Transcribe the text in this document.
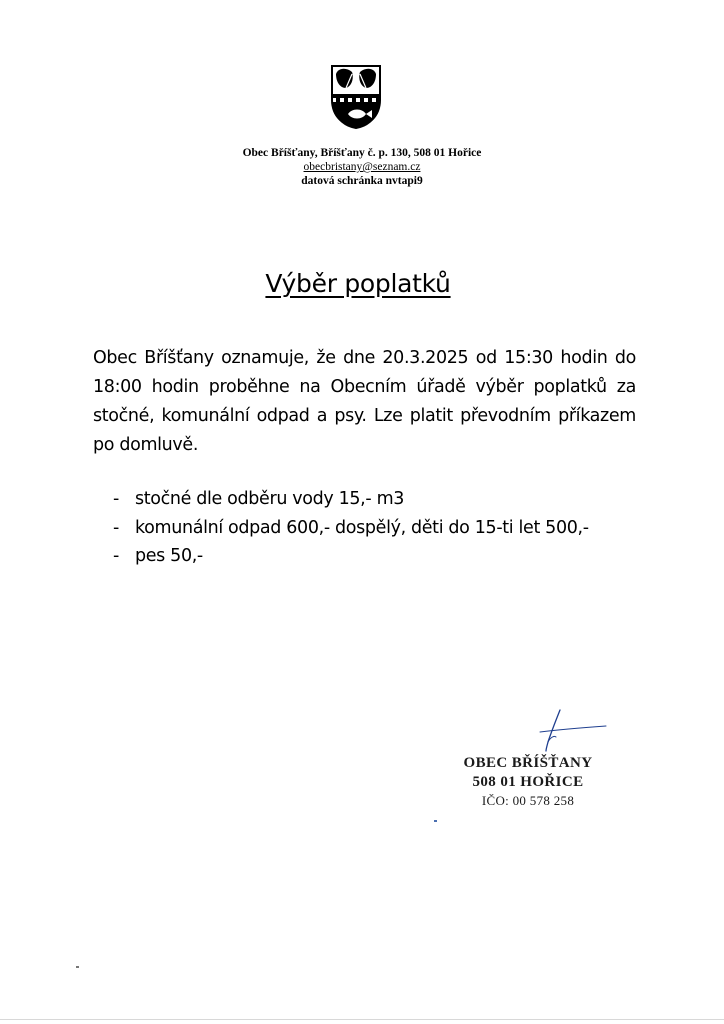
Obec Bříšťany, Bříšťany č. p. 130, 508 01 Hořice
obecbristany@seznam.cz
datová schránka nvtapi9
Výběr poplatků

Obec Bříšťany oznamuje, že dne 20.3.2025 od 15:30 hodin do 18:00 hodin proběhne na Obecním úřadě výběr poplatků za stočné, komunální odpad a psy. Lze platit převodním příkazem po domluvě.

- stočné dle odběru vody 15,- m3
- komunální odpad 600,- dospělý, děti do 15-ti let 500,-
- pes 50,-
OBEC BŘÍŠŤANY
508 01 HOŘICE
IČO: 00 578 258
